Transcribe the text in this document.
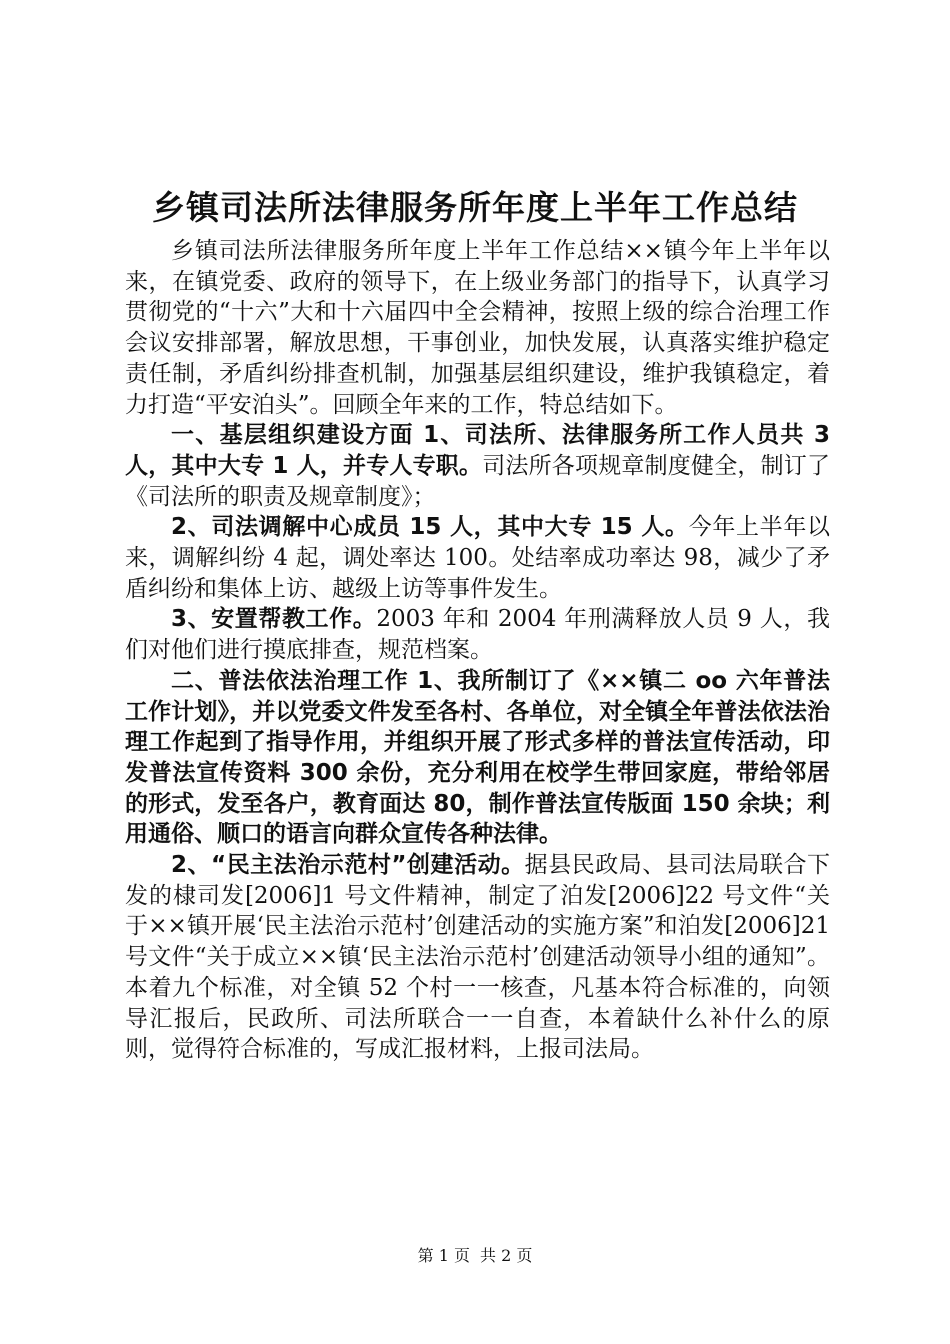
乡镇司法所法律服务所年度上半年工作总结

乡镇司法所法律服务所年度上半年工作总结××镇今年上半年以来，在镇党委、政府的领导下，在上级业务部门的指导下，认真学习贯彻党的“十六”大和十六届四中全会精神，按照上级的综合治理工作会议安排部署，解放思想，干事创业，加快发展，认真落实维护稳定责任制，矛盾纠纷排查机制，加强基层组织建设，维护我镇稳定，着力打造“平安泊头”。回顾全年来的工作，特总结如下。

一、基层组织建设方面 1、司法所、法律服务所工作人员共 3 人，其中大专 1 人，并专人专职。司法所各项规章制度健全，制订了《司法所的职责及规章制度》；

2、司法调解中心成员 15 人，其中大专 15 人。今年上半年以来，调解纠纷 4 起，调处率达 100。处结率成功率达 98，减少了矛盾纠纷和集体上访、越级上访等事件发生。

3、安置帮教工作。2003 年和 2004 年刑满释放人员 9 人，我们对他们进行摸底排查，规范档案。

二、普法依法治理工作 1、我所制订了《××镇二 oo 六年普法工作计划》，并以党委文件发至各村、各单位，对全镇全年普法依法治理工作起到了指导作用，并组织开展了形式多样的普法宣传活动，印发普法宣传资料 300 余份，充分利用在校学生带回家庭，带给邻居的形式，发至各户，教育面达 80，制作普法宣传版面 150 余块；利用通俗、顺口的语言向群众宣传各种法律。

2、“民主法治示范村”创建活动。据县民政局、县司法局联合下发的棣司发[2006]1 号文件精神，制定了泊发[2006]22 号文件“关于××镇开展‘民主法治示范村’创建活动的实施方案”和泊发[2006]21 号文件“关于成立××镇‘民主法治示范村’创建活动领导小组的通知”。本着九个标准，对全镇 52 个村一一核查，凡基本符合标准的，向领导汇报后，民政所、司法所联合一一自查，本着缺什么补什么的原则，觉得符合标准的，写成汇报材料，上报司法局。

第 1 页 共 2 页
